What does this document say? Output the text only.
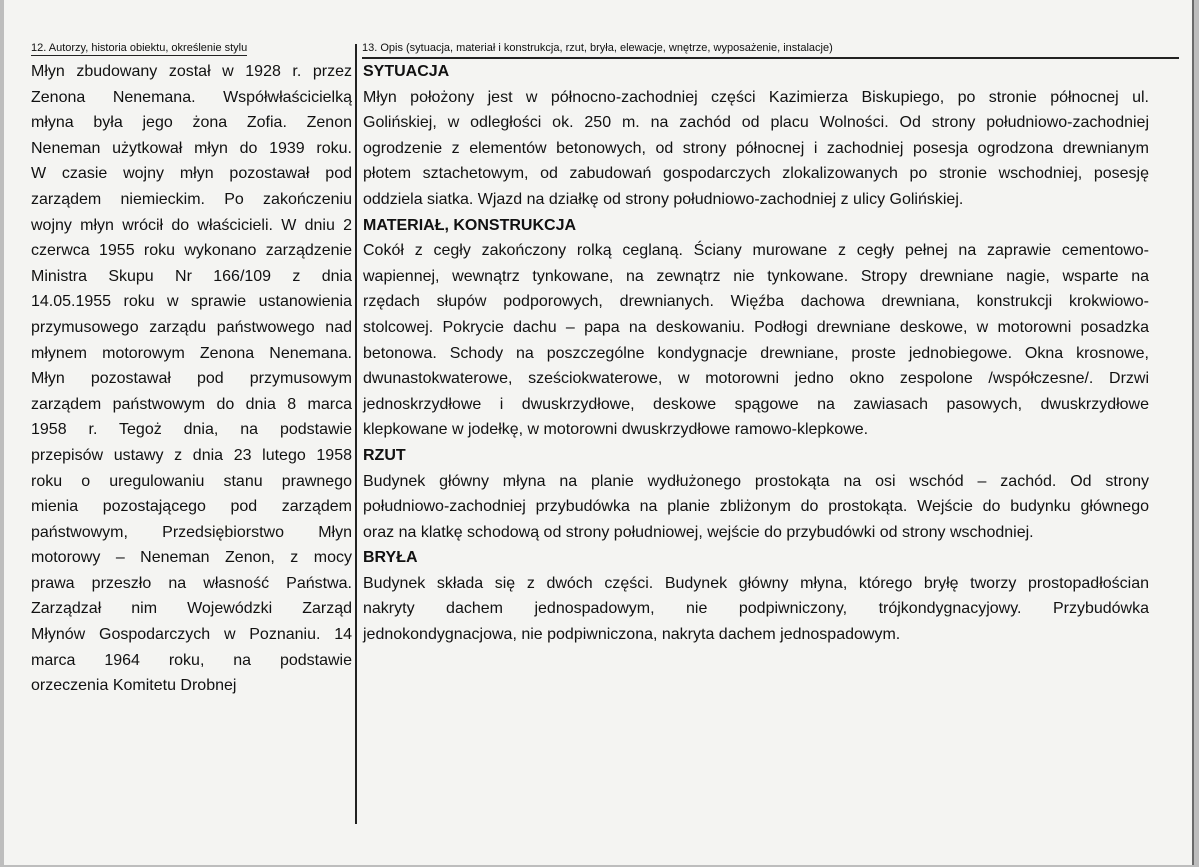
12. Autorzy, historia obiektu, określenie stylu	13. Opis (sytuacja, materiał i konstrukcja, rzut, bryła, elewacje, wnętrze, wyposażenie, instalacje)
Młyn zbudowany został w 1928 r. przez
Zenona Nenemana. Współwłaścicielką
młyna była jego żona Zofia. Zenon
Neneman użytkował młyn do 1939 roku.
W czasie wojny młyn pozostawał pod
zarządem niemieckim. Po zakończeniu
wojny młyn wrócił do właścicieli. W dniu 2
czerwca 1955 roku wykonano zarządzenie
Ministra Skupu Nr 166/109 z dnia
14.05.1955 roku w sprawie ustanowienia
przymusowego zarządu państwowego nad
młynem motorowym Zenona Nenemana.
Młyn pozostawał pod przymusowym
zarządem państwowym do dnia 8 marca
1958 r. Tegoż dnia, na podstawie
przepisów ustawy z dnia 23 lutego 1958
roku o uregulowaniu stanu prawnego
mienia pozostającego pod zarządem
państwowym, Przedsiębiorstwo Młyn
motorowy – Neneman Zenon, z mocy
prawa przeszło na własność Państwa.
Zarządzał nim Wojewódzki Zarząd
Młynów Gospodarczych w Poznaniu. 14
marca 1964 roku, na podstawie
orzeczenia Komitetu Drobnej
SYTUACJA
Młyn położony jest w północno-zachodniej części Kazimierza Biskupiego, po stronie północnej ul.
Golińskiej, w odległości ok. 250 m. na zachód od placu Wolności. Od strony południowo-zachodniej
ogrodzenie z elementów betonowych, od strony północnej i zachodniej posesja ogrodzona drewnianym
płotem sztachetowym, od zabudowań gospodarczych zlokalizowanych po stronie wschodniej, posesję
oddziela siatka. Wjazd na działkę od strony południowo-zachodniej z ulicy Golińskiej.
MATERIAŁ, KONSTRUKCJA
Cokół z cegły zakończony rolką ceglaną. Ściany murowane z cegły pełnej na zaprawie cementowo-
wapiennej, wewnątrz tynkowane, na zewnątrz nie tynkowane. Stropy drewniane nagie, wsparte na
rzędach słupów podporowych, drewnianych. Więźba dachowa drewniana, konstrukcji krokwiowo-
stolcowej. Pokrycie dachu – papa na deskowaniu. Podłogi drewniane deskowe, w motorowni posadzka
betonowa. Schody na poszczególne kondygnacje drewniane, proste jednobiegowe. Okna krosnowe,
dwunastokwaterowe, sześciokwaterowe, w motorowni jedno okno zespolone /współczesne/. Drzwi
jednoskrzydłowe i dwuskrzydłowe, deskowe spągowe na zawiasach pasowych, dwuskrzydłowe
klepkowane w jodełkę, w motorowni dwuskrzydłowe ramowo-klepkowe.
RZUT
Budynek główny młyna na planie wydłużonego prostokąta na osi wschód – zachód. Od strony
południowo-zachodniej przybudówka na planie zbliżonym do prostokąta. Wejście do budynku głównego
oraz na klatkę schodową od strony południowej, wejście do przybudówki od strony wschodniej.
BRYŁA
Budynek składa się z dwóch części. Budynek główny młyna, którego bryłę tworzy prostopadłościan
nakryty dachem jednospadowym, nie podpiwniczony, trójkondygnacyjowy. Przybudówka
jednokondygnacjowa, nie podpiwniczona, nakryta dachem jednospadowym.
